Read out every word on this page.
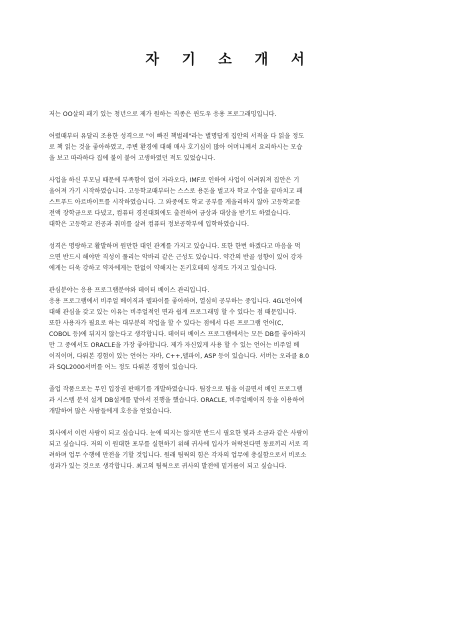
자 기 소 개 서
저는 OO살의 패기 있는 청년으로 제가 원하는 직종은 윈도우 응용 프로그래밍입니다.
어렸때부터 유달리 조용한 성격으로 "이 빠진 책벌레"라는 별명답게 집안의 서적을 다 읽을 정도
로 책 읽는 것을 좋아하였고, 주변 환경에 대해 매사 호기심이 많아 어머니께서 요리하시는 모습
을 보고 따라하다 집에 불이 붙어 고생하였던 적도 있었습니다.
사업을 하신 부모님 때문에 부족함이 없이 자라오다, IMF로 인하여 사업이 어려워져 집안은 기
울어져 가기 시작하였습니다. 고등학교때부터는 스스로 용돈을 벌고자 학교 수업을 끝마치고 패
스트푸드 아르바이트를 시작하였습니다. 그 와중에도 학교 공부를 게을리하지 않아 고등학교를
전액 장학금으로 다녔고, 컴퓨터 경진대회에도 출전하여 금상과 대상을 받기도 하였습니다.
대학은 고등학교 전공과 취미를 살려 컴퓨터 정보공학부에 입학하였습니다.
성격은 명랑하고 활발하며 원만한 대인 관계를 가지고 있습니다. 또한 한번 하겠다고 마음을 먹
으면 반드시 해야만 직성이 풀리는 악바리 같은 근성도 있습니다. 약간의 반골 성향이 있어 강자
에게는 더욱 강하고 약자에게는 한없이 약해지는 돈키호테의 성격도 가지고 있습니다.
관심분야는 응용 프로그램분야와 데이터 베이스 관리입니다.
응용 프로그램에서 비주얼 베이직과 델파이를 좋아하며, 열심히 공부하는 중입니다. 4GL언어에
대해 관심을 갖고 있는 이유는 비주얼적인 면과 쉽게 프로그래밍 할 수 있다는 점 때문입니다.
또한 사용자가 필요로 하는 대부분의 작업을 할 수 있다는 점에서 다른 프로그램 언어(C,
COBOL 등)에 뒤지지 않는다고 생각합니다. 데이터 베이스 프로그램에서는 모든 DB를 좋아하지
만 그 중에서도 ORACLE을 가장 좋아합니다. 제가 자신있게 사용 할 수 있는 언어는 비주얼 베
이직이며, 다뤄본 경험이 있는 언어는 자바, C++,델파이, ASP 등이 있습니다. 서버는 오라클 8.0
과 SQL2000서버를 어느 정도 다뤄본 경험이 있습니다.
졸업 작품으로는 무인 입장권 판매기를 개발하였습니다. 팀장으로 팀을 이끌면서 베인 프로그램
과 시스템 분석 설계 DB설계를 맡아서 진행을 했습니다. ORACLE, 비주얼베이직 등을 이용하여
개발하여 많은 사람들에게 호응을 얻었습니다.
회사에서 이런 사람이 되고 싶습니다. 눈에 띄지는 않지만 반드시 필요한 빛과 소금과 같은 사람이
되고 싶습니다. 저의 이 원대한 포부를 실현하기 위해 귀사에 입사가 허락된다면 동료끼리 서로 격
려하며 업무 수행에 만전을 기할 것입니다. 원래 팀웍의 힘은 각자의 업무에 충실함으로서 비로소
성과가 있는 것으로 생각합니다. 최고의 팀웍으로 귀사의 발전에 밑거름이 되고 싶습니다.
